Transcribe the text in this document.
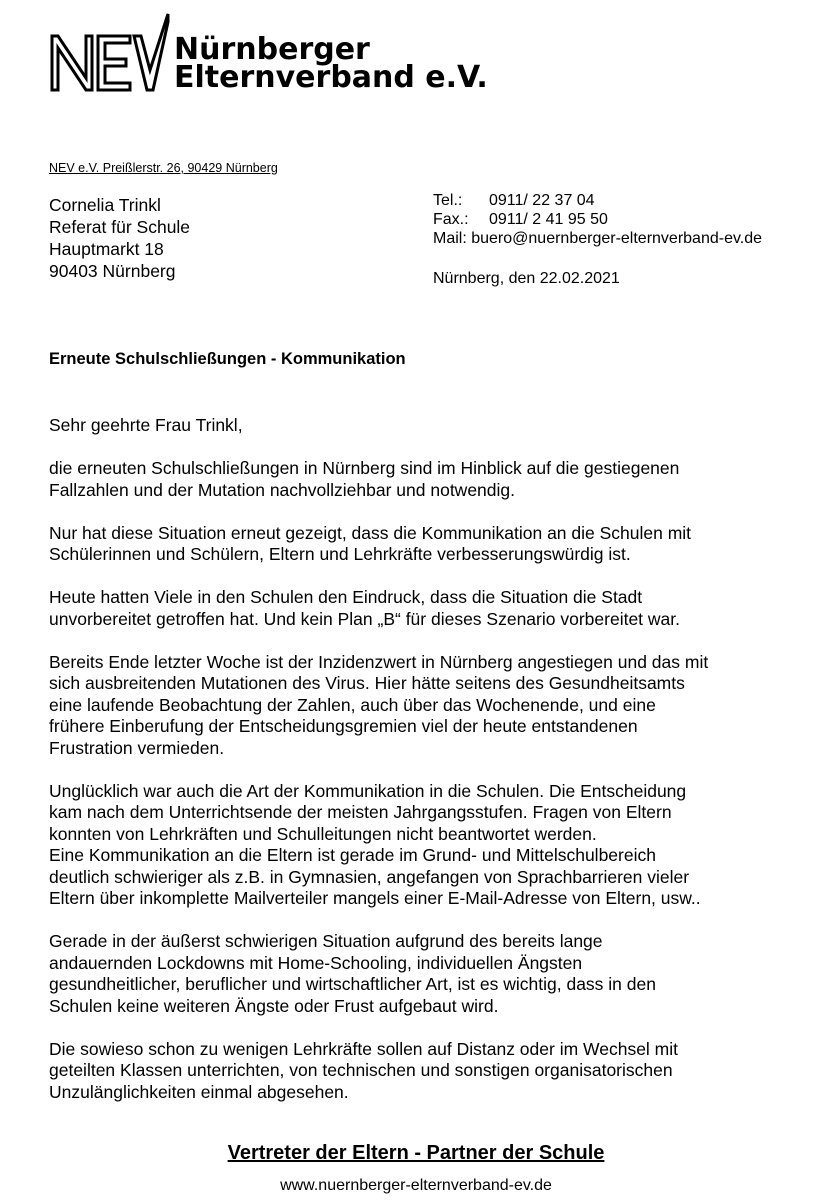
Nürnberger
Elternverband e.V.
NEV e.V. Preißlerstr. 26, 90429 Nürnberg
Cornelia Trinkl
Referat für Schule
Hauptmarkt 18
90403 Nürnberg
Tel.:	0911/ 22 37 04
Fax.:	0911/ 2 41 95 50
Mail: buero@nuernberger-elternverband-ev.de
Nürnberg, den 22.02.2021
Erneute Schulschließungen - Kommunikation
Sehr geehrte Frau Trinkl,

die erneuten Schulschließungen in Nürnberg sind im Hinblick auf die gestiegenen
Fallzahlen und der Mutation nachvollziehbar und notwendig.

Nur hat diese Situation erneut gezeigt, dass die Kommunikation an die Schulen mit
Schülerinnen und Schülern, Eltern und Lehrkräfte verbesserungswürdig ist.

Heute hatten Viele in den Schulen den Eindruck, dass die Situation die Stadt
unvorbereitet getroffen hat. Und kein Plan „B“ für dieses Szenario vorbereitet war.

Bereits Ende letzter Woche ist der Inzidenzwert in Nürnberg angestiegen und das mit
sich ausbreitenden Mutationen des Virus. Hier hätte seitens des Gesundheitsamts
eine laufende Beobachtung der Zahlen, auch über das Wochenende, und eine
frühere Einberufung der Entscheidungsgremien viel der heute entstandenen
Frustration vermieden.

Unglücklich war auch die Art der Kommunikation in die Schulen. Die Entscheidung
kam nach dem Unterrichtsende der meisten Jahrgangsstufen. Fragen von Eltern
konnten von Lehrkräften und Schulleitungen nicht beantwortet werden.
Eine Kommunikation an die Eltern ist gerade im Grund- und Mittelschulbereich
deutlich schwieriger als z.B. in Gymnasien, angefangen von Sprachbarrieren vieler
Eltern über inkomplette Mailverteiler mangels einer E-Mail-Adresse von Eltern, usw..

Gerade in der äußerst schwierigen Situation aufgrund des bereits lange
andauernden Lockdowns mit Home-Schooling, individuellen Ängsten
gesundheitlicher, beruflicher und wirtschaftlicher Art, ist es wichtig, dass in den
Schulen keine weiteren Ängste oder Frust aufgebaut wird.

Die sowieso schon zu wenigen Lehrkräfte sollen auf Distanz oder im Wechsel mit
geteilten Klassen unterrichten, von technischen und sonstigen organisatorischen
Unzulänglichkeiten einmal abgesehen.

Vertreter der Eltern - Partner der Schule
www.nuernberger-elternverband-ev.de
